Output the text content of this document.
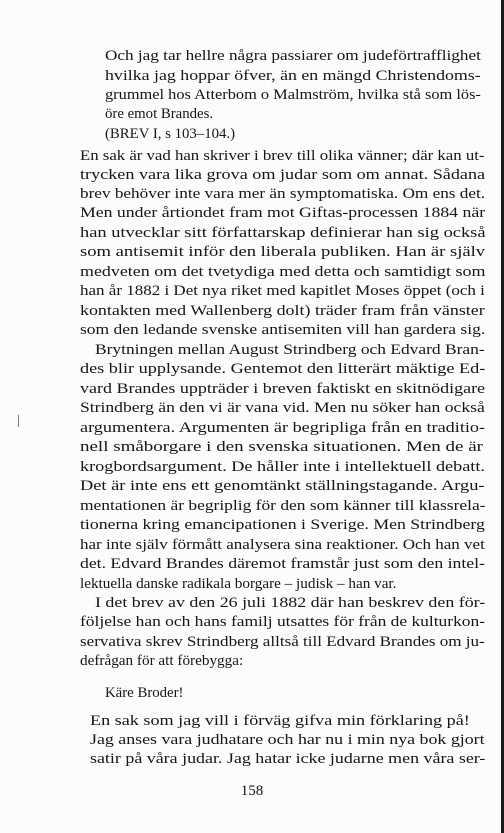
Och jag tar hellre några passiarer om judeförtrafflighet
hvilka jag hoppar öfver, än en mängd Christendoms-
grummel hos Atterbom o Malmström, hvilka stå som lös-
öre emot Brandes.
(BREV I, s 103–104.)
En sak är vad han skriver i brev till olika vänner; där kan ut-
trycken vara lika grova om judar som om annat. Sådana
brev behöver inte vara mer än symptomatiska. Om ens det.
Men under årtiondet fram mot Giftas-processen 1884 när
han utvecklar sitt författarskap definierar han sig också
som antisemit inför den liberala publiken. Han är själv
medveten om det tvetydiga med detta och samtidigt som
han år 1882 i Det nya riket med kapitlet Moses öppet (och i
kontakten med Wallenberg dolt) träder fram från vänster
som den ledande svenske antisemiten vill han gardera sig.
Brytningen mellan August Strindberg och Edvard Bran-
des blir upplysande. Gentemot den litterärt mäktige Ed-
vard Brandes uppträder i breven faktiskt en skitnödigare
Strindberg än den vi är vana vid. Men nu söker han också
argumentera. Argumenten är begripliga från en traditio-
nell småborgare i den svenska situationen. Men de är
krogbordsargument. De håller inte i intellektuell debatt.
Det är inte ens ett genomtänkt ställningstagande. Argu-
mentationen är begriplig för den som känner till klassrela-
tionerna kring emancipationen i Sverige. Men Strindberg
har inte själv förmått analysera sina reaktioner. Och han vet
det. Edvard Brandes däremot framstår just som den intel-
lektuella danske radikala borgare – judisk – han var.
I det brev av den 26 juli 1882 där han beskrev den för-
följelse han och hans familj utsattes för från de kulturkon-
servativa skrev Strindberg alltså till Edvard Brandes om ju-
defrågan för att förebygga:
Käre Broder!
En sak som jag vill i förväg gifva min förklaring på!
Jag anses vara judhatare och har nu i min nya bok gjort
satir på våra judar. Jag hatar icke judarne men våra ser-
158
